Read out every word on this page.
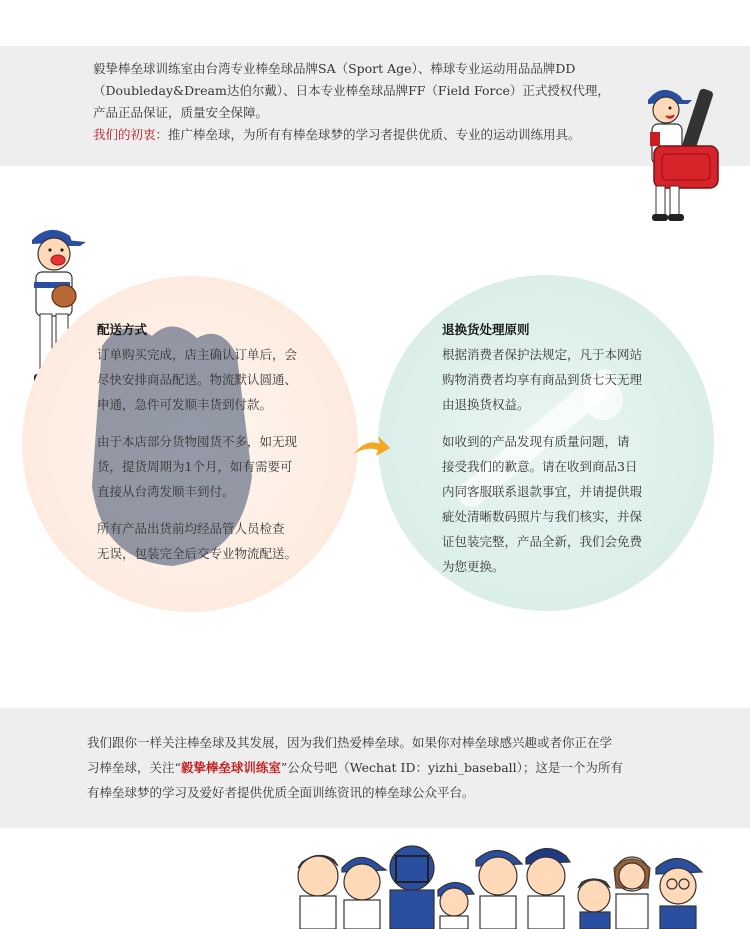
毅挚棒垒球训练室由台湾专业棒垒球品牌SA（Sport Age）、棒球专业运动用品品牌DD
（Doubleday&Dream达伯尔戴）、日本专业棒垒球品牌FF（Field Force）正式授权代理，
产品正品保证，质量安全保障。
我们的初衷：推广棒垒球，为所有有棒垒球梦的学习者提供优质、专业的运动训练用具。
配送方式

订单购买完成，店主确认订单后，会
尽快安排商品配送。物流默认圆通、
申通，急件可发顺丰货到付款。

由于本店部分货物囤货不多，如无现
货，提货周期为1个月，如有需要可
直接从台湾发顺丰到付。

所有产品出货前均经品管人员检查
无误，包装完全后交专业物流配送。

退换货处理原则

根据消费者保护法规定，凡于本网站
购物消费者均享有商品到货七天无理
由退换货权益。

如收到的产品发现有质量问题，请
接受我们的歉意。请在收到商品3日
内同客服联系退款事宜，并请提供瑕
疵处清晰数码照片与我们核实，并保
证包装完整，产品全新，我们会免费
为您更换。

我们跟你一样关注棒垒球及其发展，因为我们热爱棒垒球。如果你对棒垒球感兴趣或者你正在学
习棒垒球，关注“毅挚棒垒球训练室”公众号吧（Wechat ID：yizhi_baseball）；这是一个为所有
有棒垒球梦的学习及爱好者提供优质全面训练资讯的棒垒球公众平台。
